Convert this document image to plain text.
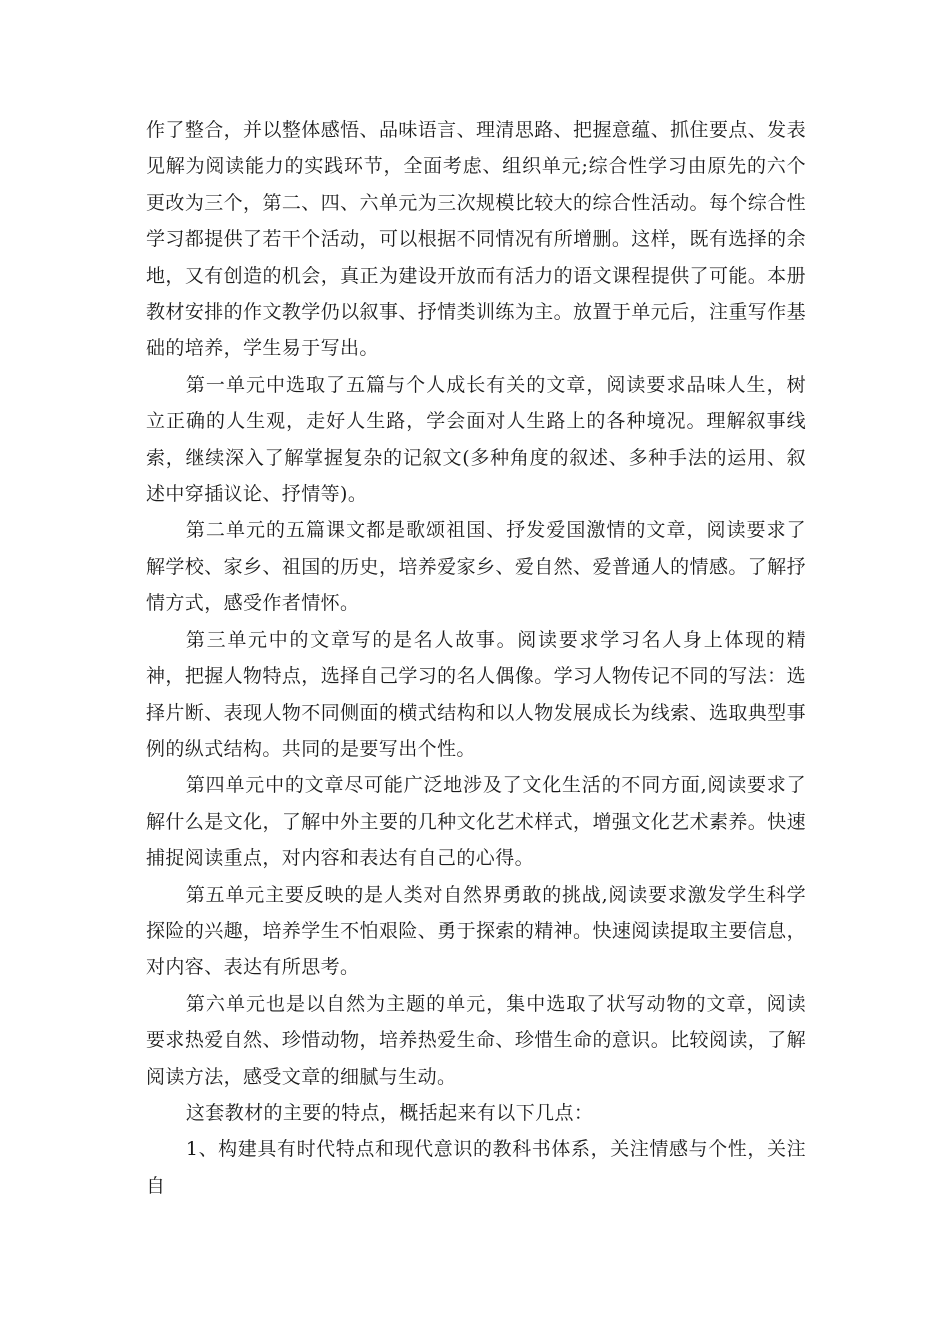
作了整合，并以整体感悟、品味语言、理清思路、把握意蕴、抓住要点、发表见解为阅读能力的实践环节，全面考虑、组织单元;综合性学习由原先的六个更改为三个，第二、四、六单元为三次规模比较大的综合性活动。每个综合性学习都提供了若干个活动，可以根据不同情况有所增删。这样，既有选择的余地，又有创造的机会，真正为建设开放而有活力的语文课程提供了可能。本册教材安排的作文教学仍以叙事、抒情类训练为主。放置于单元后，注重写作基础的培养，学生易于写出。

第一单元中选取了五篇与个人成长有关的文章，阅读要求品味人生，树立正确的人生观，走好人生路，学会面对人生路上的各种境况。理解叙事线索，继续深入了解掌握复杂的记叙文(多种角度的叙述、多种手法的运用、叙述中穿插议论、抒情等)。

第二单元的五篇课文都是歌颂祖国、抒发爱国激情的文章，阅读要求了解学校、家乡、祖国的历史，培养爱家乡、爱自然、爱普通人的情感。了解抒情方式，感受作者情怀。

第三单元中的文章写的是名人故事。阅读要求学习名人身上体现的精神，把握人物特点，选择自己学习的名人偶像。学习人物传记不同的写法：选择片断、表现人物不同侧面的横式结构和以人物发展成长为线索、选取典型事例的纵式结构。共同的是要写出个性。

第四单元中的文章尽可能广泛地涉及了文化生活的不同方面,阅读要求了解什么是文化，了解中外主要的几种文化艺术样式，增强文化艺术素养。快速捕捉阅读重点，对内容和表达有自己的心得。

第五单元主要反映的是人类对自然界勇敢的挑战,阅读要求激发学生科学探险的兴趣，培养学生不怕艰险、勇于探索的精神。快速阅读提取主要信息，对内容、表达有所思考。

第六单元也是以自然为主题的单元，集中选取了状写动物的文章，阅读要求热爱自然、珍惜动物，培养热爱生命、珍惜生命的意识。比较阅读，了解阅读方法，感受文章的细腻与生动。

这套教材的主要的特点，概括起来有以下几点：

1、构建具有时代特点和现代意识的教科书体系，关注情感与个性，关注自
